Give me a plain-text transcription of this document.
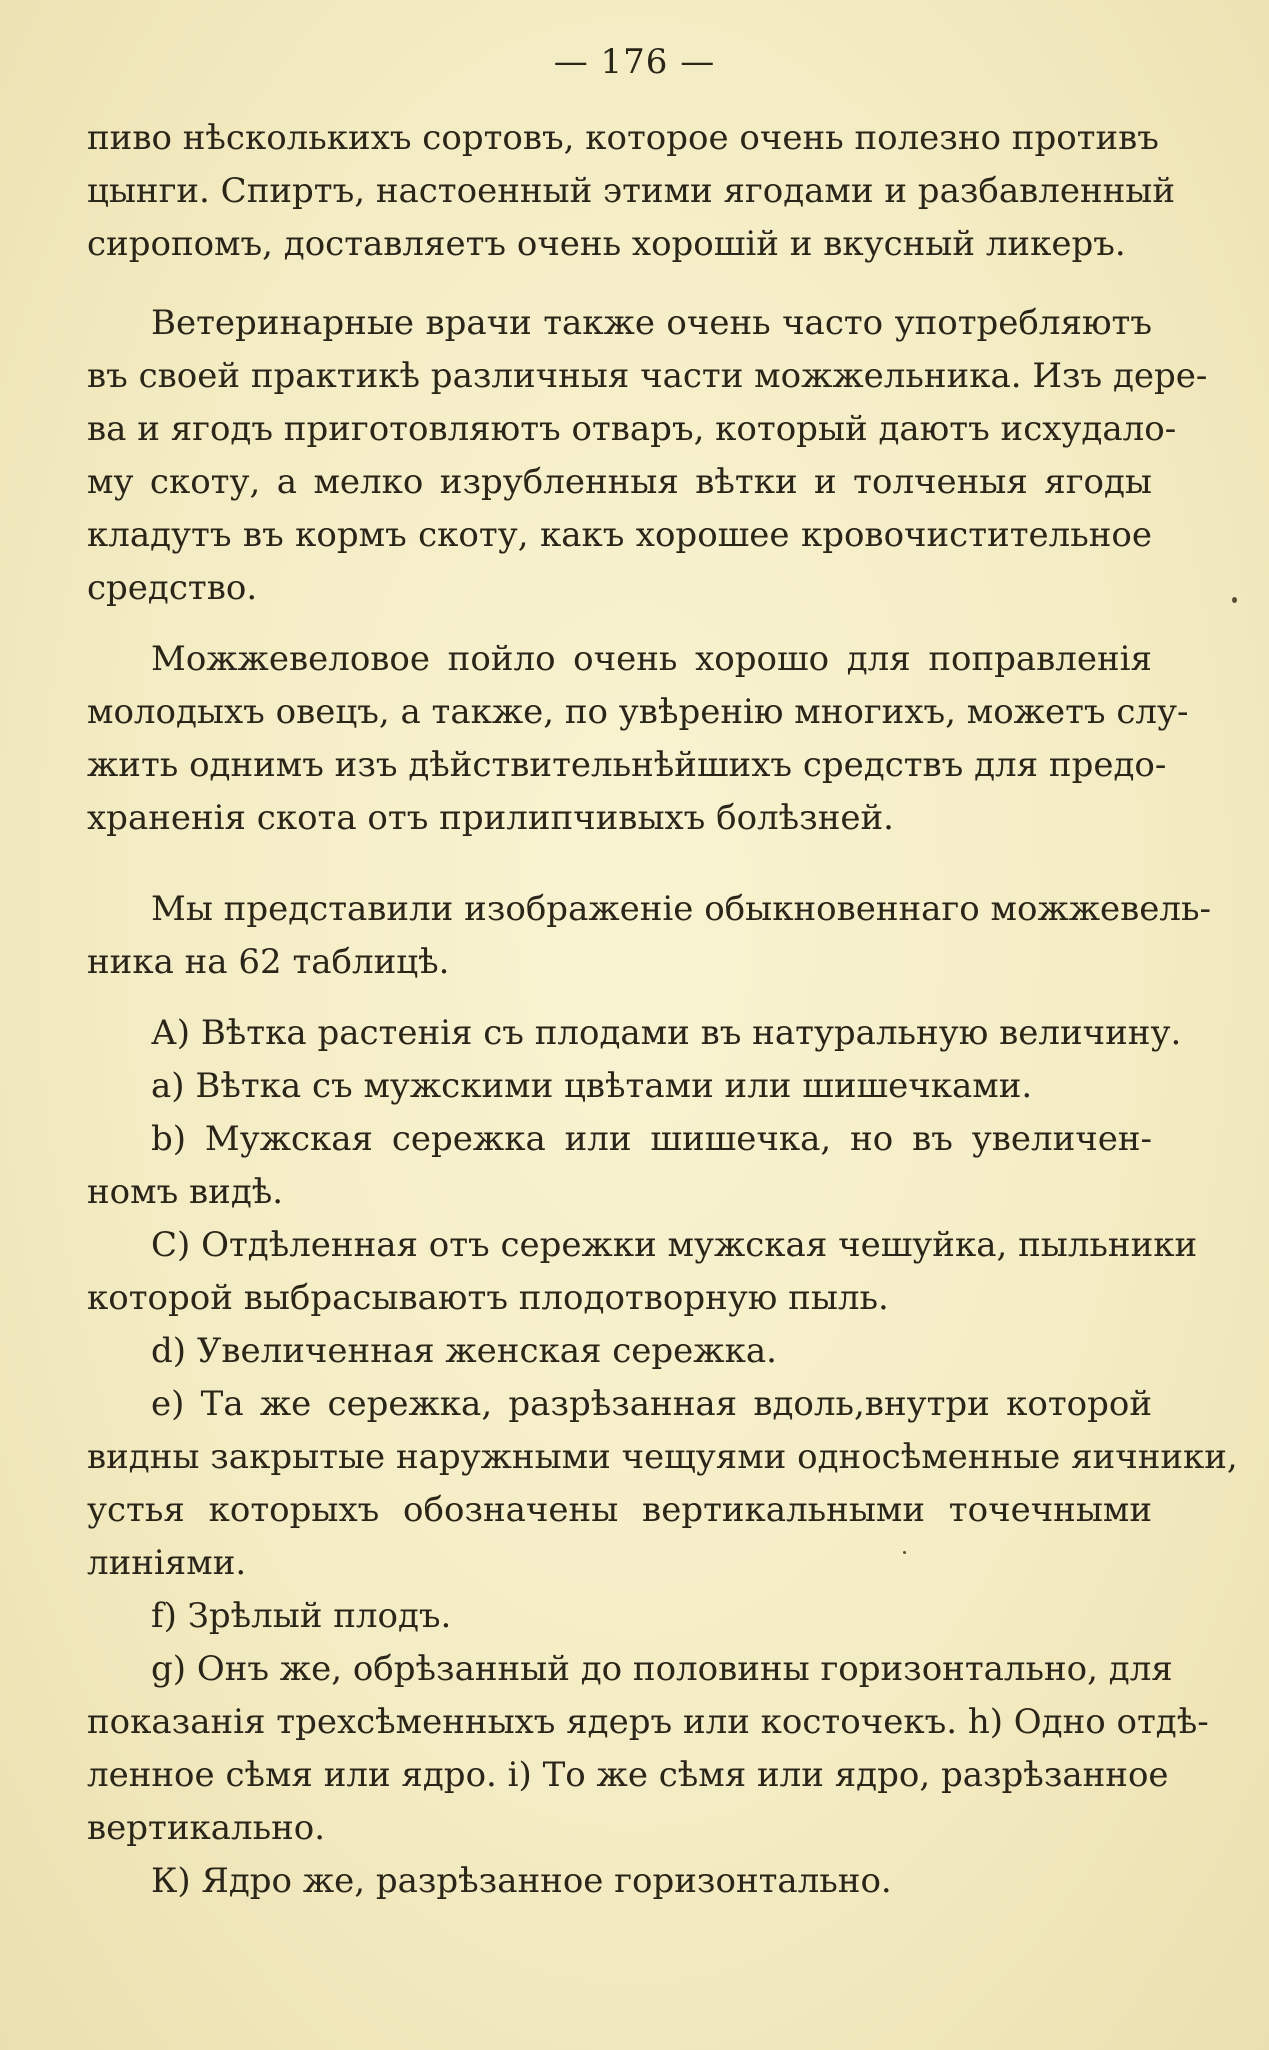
— 176 —
пиво нѣсколькихъ сортовъ, которое очень полезно противъ
цынги. Спиртъ, настоенный этими ягодами и разбавленный
сиропомъ, доставляетъ очень хорошій и вкусный ликеръ.
Ветеринарные врачи также очень часто употребляютъ
въ своей практикѣ различныя части можжельника. Изъ дере-
ва и ягодъ приготовляютъ отваръ, который даютъ исхудало-
му скоту, а мелко изрубленныя вѣтки и толченыя ягоды
кладутъ въ кормъ скоту, какъ хорошее кровочистительное
средство.
Можжевеловое пойло очень хорошо для поправленія
молодыхъ овецъ, а также, по увѣренію многихъ, можетъ слу-
жить однимъ изъ дѣйствительнѣйшихъ средствъ для предо-
храненія скота отъ прилипчивыхъ болѣзней.
Мы представили изображеніе обыкновеннаго можжевель-
ника на 62 таблицѣ.
А) Вѣтка растенія съ плодами въ натуральную величину.
а) Вѣтка съ мужскими цвѣтами или шишечками.
b) Мужская сережка или шишечка, но въ увеличен-
номъ видѣ.
С) Отдѣленная отъ сережки мужская чешуйка, пыльники
которой выбрасываютъ плодотворную пыль.
d) Увеличенная женская сережка.
е) Та же сережка, разрѣзанная вдоль,внутри которой
видны закрытые наружными чещуями односѣменные яичники,
устья которыхъ обозначены вертикальными точечными
линіями.
f) Зрѣлый плодъ.
g) Онъ же, обрѣзанный до половины горизонтально, для
показанія трехсѣменныхъ ядеръ или косточекъ. h) Одно отдѣ-
ленное сѣмя или ядро. i) То же сѣмя или ядро, разрѣзанное
вертикально.
К) Ядро же, разрѣзанное горизонтально.
